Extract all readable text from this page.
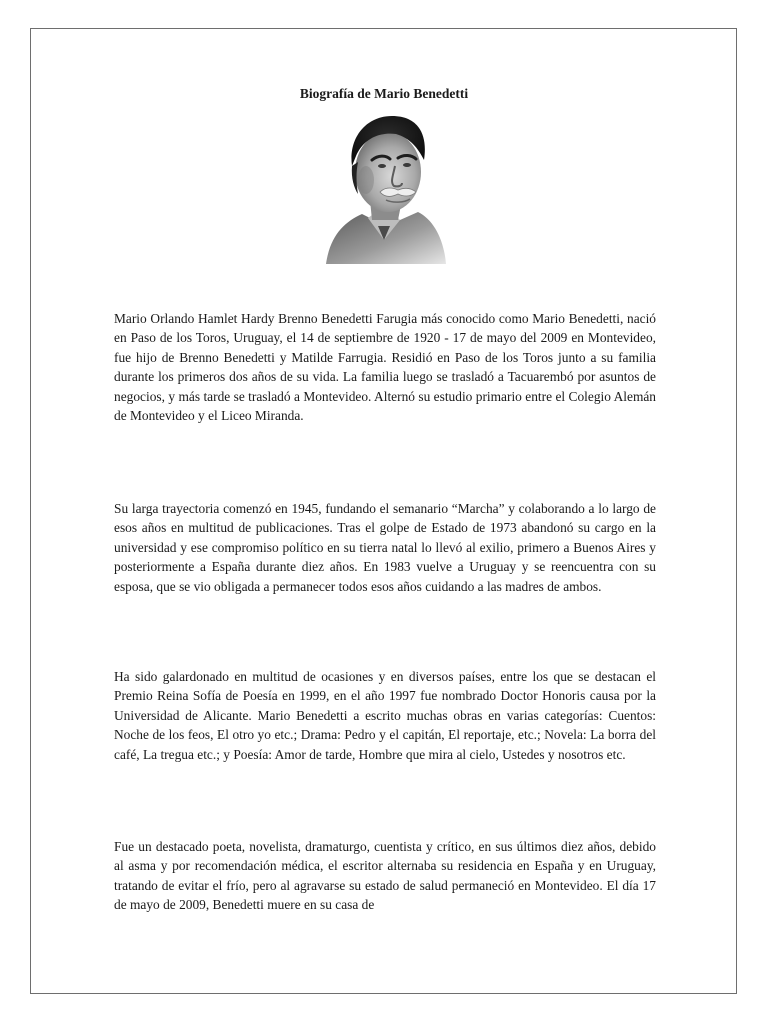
Biografía de Mario Benedetti

Mario Orlando Hamlet Hardy Brenno Benedetti Farugia más conocido como Mario Benedetti, nació en Paso de los Toros, Uruguay, el 14 de septiembre de 1920 - 17 de mayo del 2009 en Montevideo, fue hijo de Brenno Benedetti y Matilde Farrugia. Residió en Paso de los Toros junto a su familia durante los primeros dos años de su vida. La familia luego se trasladó a Tacuarembó por asuntos de negocios, y más tarde se trasladó a Montevideo. Alternó su estudio primario entre el Colegio Alemán de Montevideo y el Liceo Miranda.

Su larga trayectoria comenzó en 1945, fundando el semanario “Marcha” y colaborando a lo largo de esos años en multitud de publicaciones. Tras el golpe de Estado de 1973 abandonó su cargo en la universidad y ese compromiso político en su tierra natal lo llevó al exilio, primero a Buenos Aires y posteriormente a España durante diez años. En 1983 vuelve a Uruguay y se reencuentra con su esposa, que se vio obligada a permanecer todos esos años cuidando a las madres de ambos.

Ha sido galardonado en multitud de ocasiones y en diversos países, entre los que se destacan el Premio Reina Sofía de Poesía en 1999, en el año 1997 fue nombrado Doctor Honoris causa por la Universidad de Alicante. Mario Benedetti a escrito muchas obras en varias categorías: Cuentos: Noche de los feos, El otro yo etc.; Drama: Pedro y el capitán, El reportaje, etc.; Novela: La borra del café, La tregua etc.; y Poesía: Amor de tarde, Hombre que mira al cielo, Ustedes y nosotros etc.

Fue un destacado poeta, novelista, dramaturgo, cuentista y crítico, en sus últimos diez años, debido al asma y por recomendación médica, el escritor alternaba su residencia en España y en Uruguay, tratando de evitar el frío, pero al agravarse su estado de salud permaneció en Montevideo. El día 17 de mayo de 2009, Benedetti muere en su casa de
